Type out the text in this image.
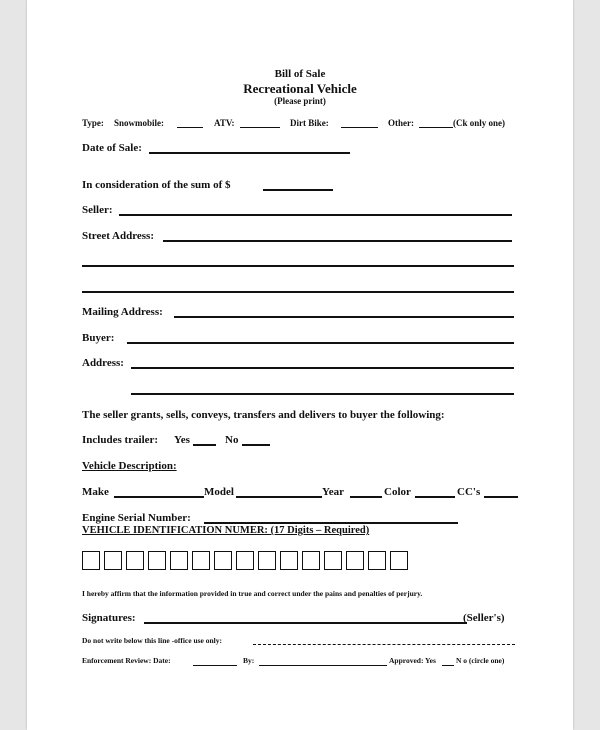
Bill of Sale
Recreational Vehicle
(Please print)
Type: Snowmobile:	ATV:	Dirt Bike:	Other:	(Ck only one)
Date of Sale:
In consideration of the sum of $
Seller:
Street Address:
Mailing Address:
Buyer:
Address:
The seller grants, sells, conveys, transfers and delivers to buyer the following:
Includes trailer: Yes	No
Vehicle Description:
Make	Model	Year	Color	CC's
Engine Serial Number:
VEHICLE IDENTIFICATION NUMER: (17 Digits – Required)
I hereby affirm that the information provided in true and correct under the pains and penalties of perjury.
Signatures:	(Seller's)
Do not write below this line -office use only:
Enforcement Review: Date:	By:	Approved: Yes	N o (circle one)
